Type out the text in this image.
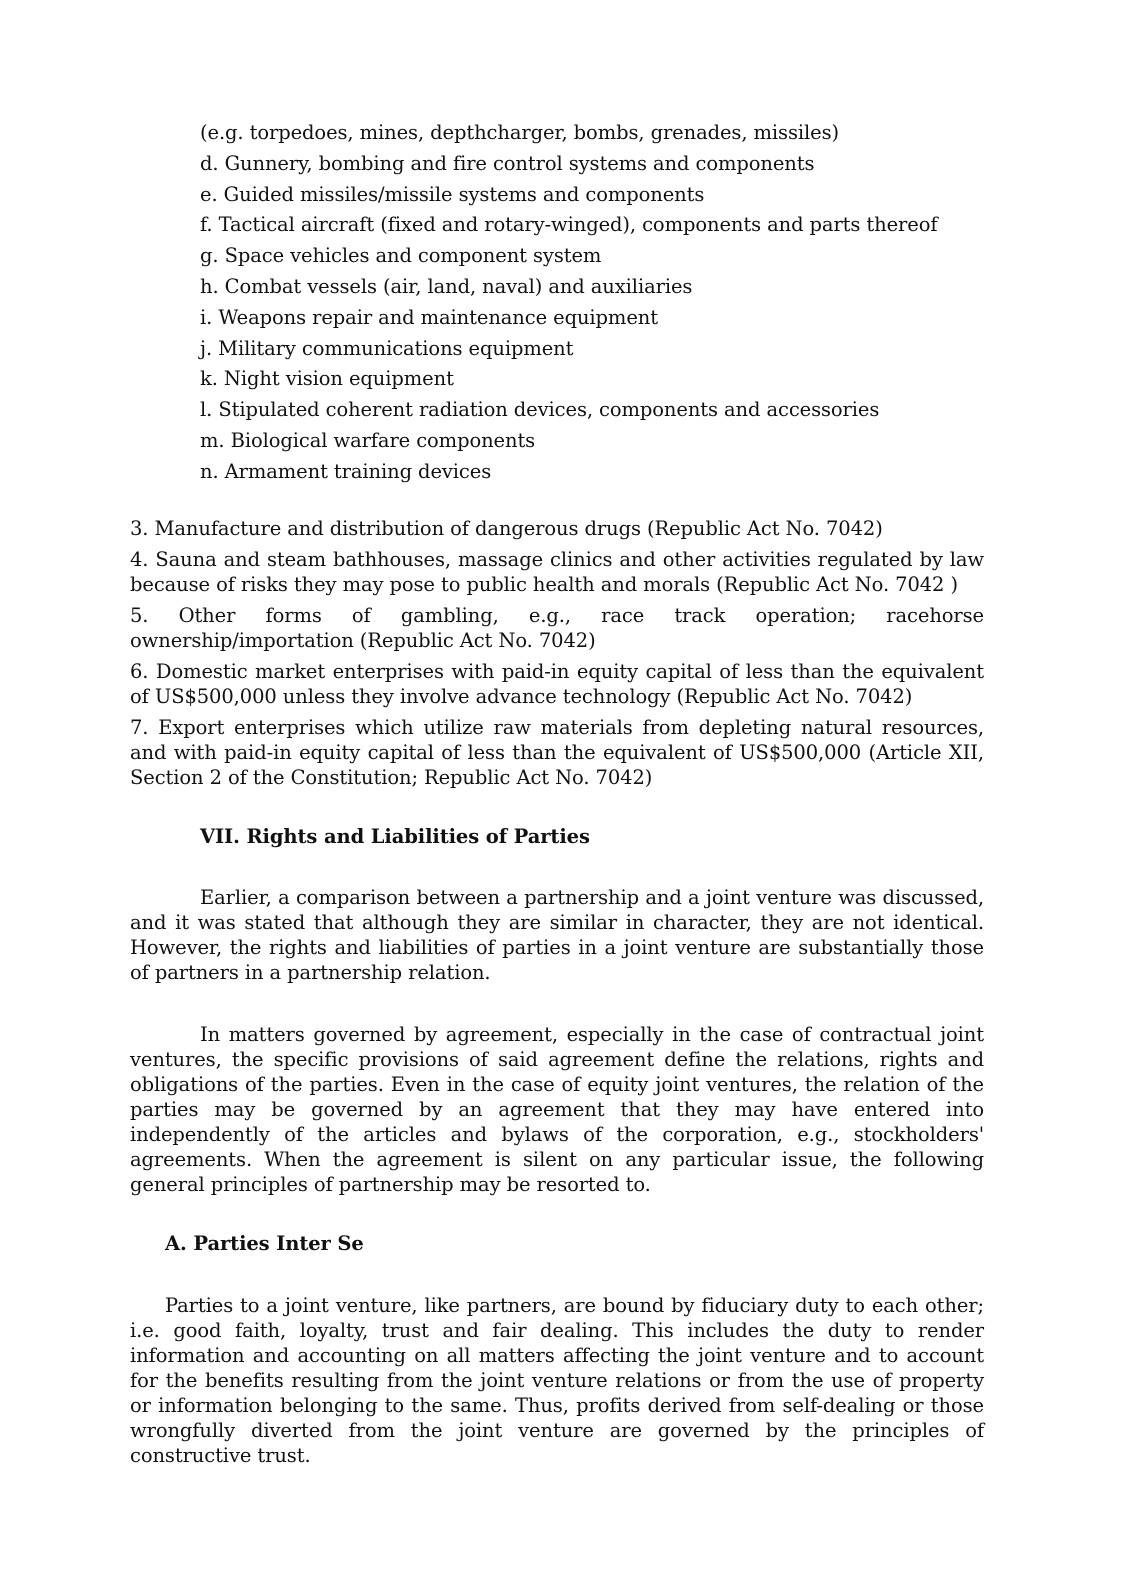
(e.g. torpedoes, mines, depthcharger, bombs, grenades, missiles)
d. Gunnery, bombing and fire control systems and components
e. Guided missiles/missile systems and components
f. Tactical aircraft (fixed and rotary-winged), components and parts thereof
g. Space vehicles and component system
h. Combat vessels (air, land, naval) and auxiliaries
i. Weapons repair and maintenance equipment
j. Military communications equipment
k. Night vision equipment
l. Stipulated coherent radiation devices, components and accessories
m. Biological warfare components
n. Armament training devices
3. Manufacture and distribution of dangerous drugs (Republic Act No. 7042)
4. Sauna and steam bathhouses, massage clinics and other activities regulated by law because of risks they may pose to public health and morals (Republic Act No. 7042 )
5. Other forms of gambling, e.g., race track operation; racehorse ownership/importation (Republic Act No. 7042)
6. Domestic market enterprises with paid-in equity capital of less than the equivalent of US$500,000 unless they involve advance technology (Republic Act No. 7042)
7. Export enterprises which utilize raw materials from depleting natural resources, and with paid-in equity capital of less than the equivalent of US$500,000 (Article XII, Section 2 of the Constitution; Republic Act No. 7042)
VII. Rights and Liabilities of Parties

Earlier, a comparison between a partnership and a joint venture was discussed, and it was stated that although they are similar in character, they are not identical. However, the rights and liabilities of parties in a joint venture are substantially those of partners in a partnership relation.

In matters governed by agreement, especially in the case of contractual joint ventures, the specific provisions of said agreement define the relations, rights and obligations of the parties. Even in the case of equity joint ventures, the relation of the parties may be governed by an agreement that they may have entered into independently of the articles and bylaws of the corporation, e.g., stockholders' agreements. When the agreement is silent on any particular issue, the following general principles of partnership may be resorted to.

A. Parties Inter Se

Parties to a joint venture, like partners, are bound by fiduciary duty to each other; i.e. good faith, loyalty, trust and fair dealing. This includes the duty to render information and accounting on all matters affecting the joint venture and to account for the benefits resulting from the joint venture relations or from the use of property or information belonging to the same. Thus, profits derived from self-dealing or those wrongfully diverted from the joint venture are governed by the principles of constructive trust.
